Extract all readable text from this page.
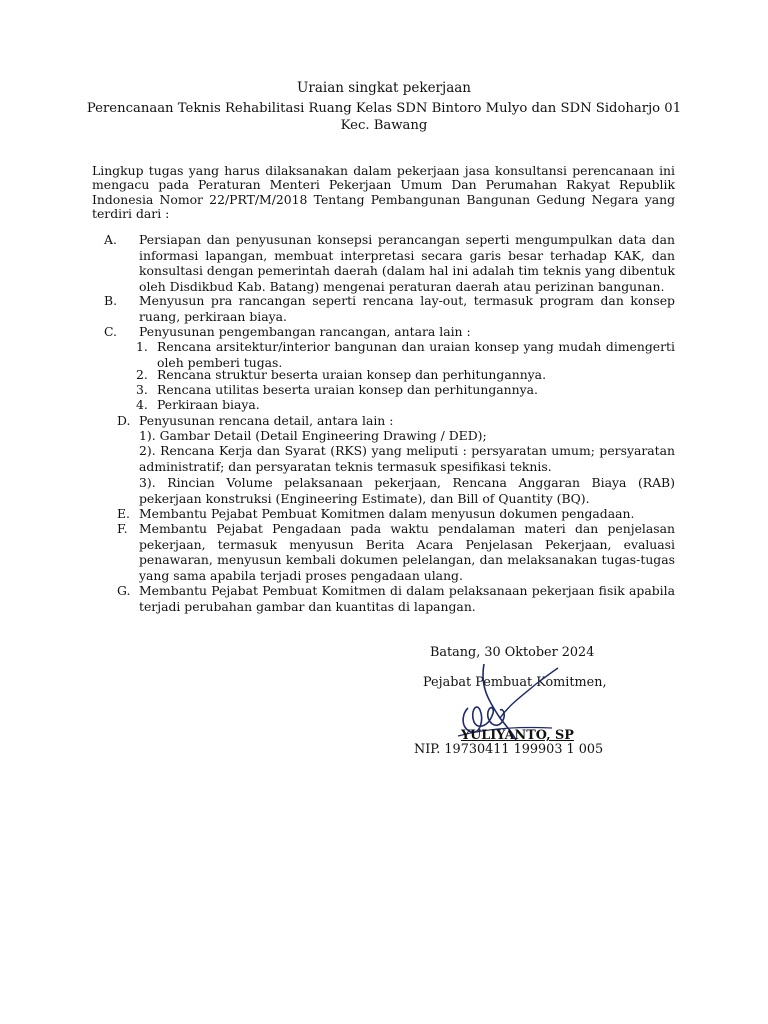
Uraian singkat pekerjaan
Perencanaan Teknis Rehabilitasi Ruang Kelas SDN Bintoro Mulyo dan SDN Sidoharjo 01
Kec. Bawang
Lingkup tugas yang harus dilaksanakan dalam pekerjaan jasa konsultansi perencanaan ini mengacu pada Peraturan Menteri Pekerjaan Umum Dan Perumahan Rakyat Republik Indonesia Nomor 22/PRT/M/2018 Tentang Pembangunan Bangunan Gedung Negara yang terdiri dari :
A. Persiapan dan penyusunan konsepsi perancangan seperti mengumpulkan data dan informasi lapangan, membuat interpretasi secara garis besar terhadap KAK, dan konsultasi dengan pemerintah daerah (dalam hal ini adalah tim teknis yang dibentuk oleh Disdikbud Kab. Batang) mengenai peraturan daerah atau perizinan bangunan.
B. Menyusun pra rancangan seperti rencana lay-out, termasuk program dan konsep ruang, perkiraan biaya.
C. Penyusunan pengembangan rancangan, antara lain :
1. Rencana arsitektur/interior bangunan dan uraian konsep yang mudah dimengerti oleh pemberi tugas.
2. Rencana struktur beserta uraian konsep dan perhitungannya.
3. Rencana utilitas beserta uraian konsep dan perhitungannya.
4. Perkiraan biaya.
D. Penyusunan rencana detail, antara lain :
1). Gambar Detail (Detail Engineering Drawing / DED);
2). Rencana Kerja dan Syarat (RKS) yang meliputi : persyaratan umum; persyaratan administratif; dan persyaratan teknis termasuk spesifikasi teknis.
3). Rincian Volume pelaksanaan pekerjaan, Rencana Anggaran Biaya (RAB) pekerjaan konstruksi (Engineering Estimate), dan Bill of Quantity (BQ).
E. Membantu Pejabat Pembuat Komitmen dalam menyusun dokumen pengadaan.
F. Membantu Pejabat Pengadaan pada waktu pendalaman materi dan penjelasan pekerjaan, termasuk menyusun Berita Acara Penjelasan Pekerjaan, evaluasi penawaran, menyusun kembali dokumen pelelangan, dan melaksanakan tugas-tugas yang sama apabila terjadi proses pengadaan ulang.
G. Membantu Pejabat Pembuat Komitmen di dalam pelaksanaan pekerjaan fisik apabila terjadi perubahan gambar dan kuantitas di lapangan.
Batang, 30 Oktober 2024
Pejabat Pembuat Komitmen,
YULIYANTO, SP
NIP. 19730411 199903 1 005
